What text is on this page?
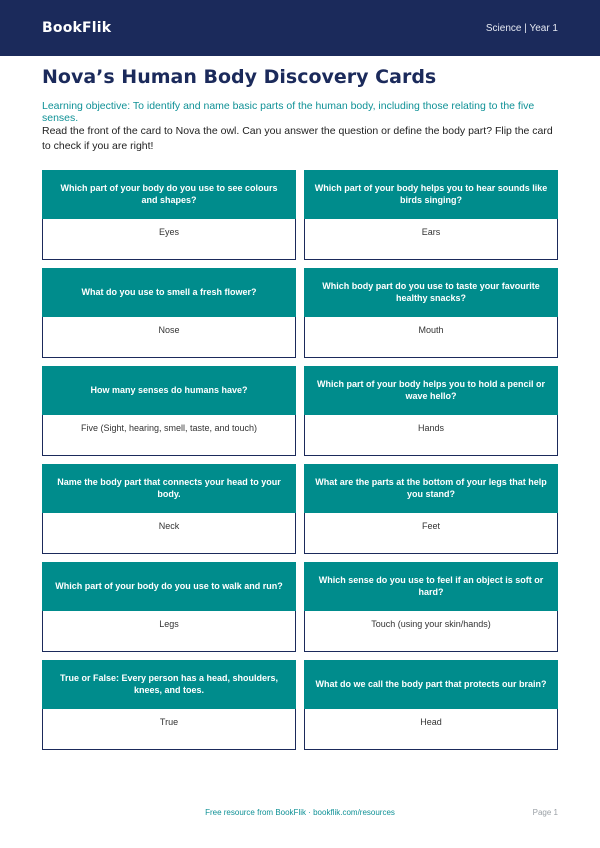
BookFlik	Science | Year 1
Nova’s Human Body Discovery Cards

Learning objective: To identify and name basic parts of the human body, including those relating to the five senses.

Read the front of the card to Nova the owl. Can you answer the question or define the body part? Flip the card to check if you are right!

Which part of your body do you use to see colours and shapes?
Eyes
Which part of your body helps you to hear sounds like birds singing?
Ears
What do you use to smell a fresh flower?
Nose
Which body part do you use to taste your favourite healthy snacks?
Mouth
How many senses do humans have?
Five (Sight, hearing, smell, taste, and touch)
Which part of your body helps you to hold a pencil or wave hello?
Hands
Name the body part that connects your head to your body.
Neck
What are the parts at the bottom of your legs that help you stand?
Feet
Which part of your body do you use to walk and run?
Legs
Which sense do you use to feel if an object is soft or hard?
Touch (using your skin/hands)
True or False: Every person has a head, shoulders, knees, and toes.
True
What do we call the body part that protects our brain?
Head
Free resource from BookFlik · bookflik.com/resources	Page 1
